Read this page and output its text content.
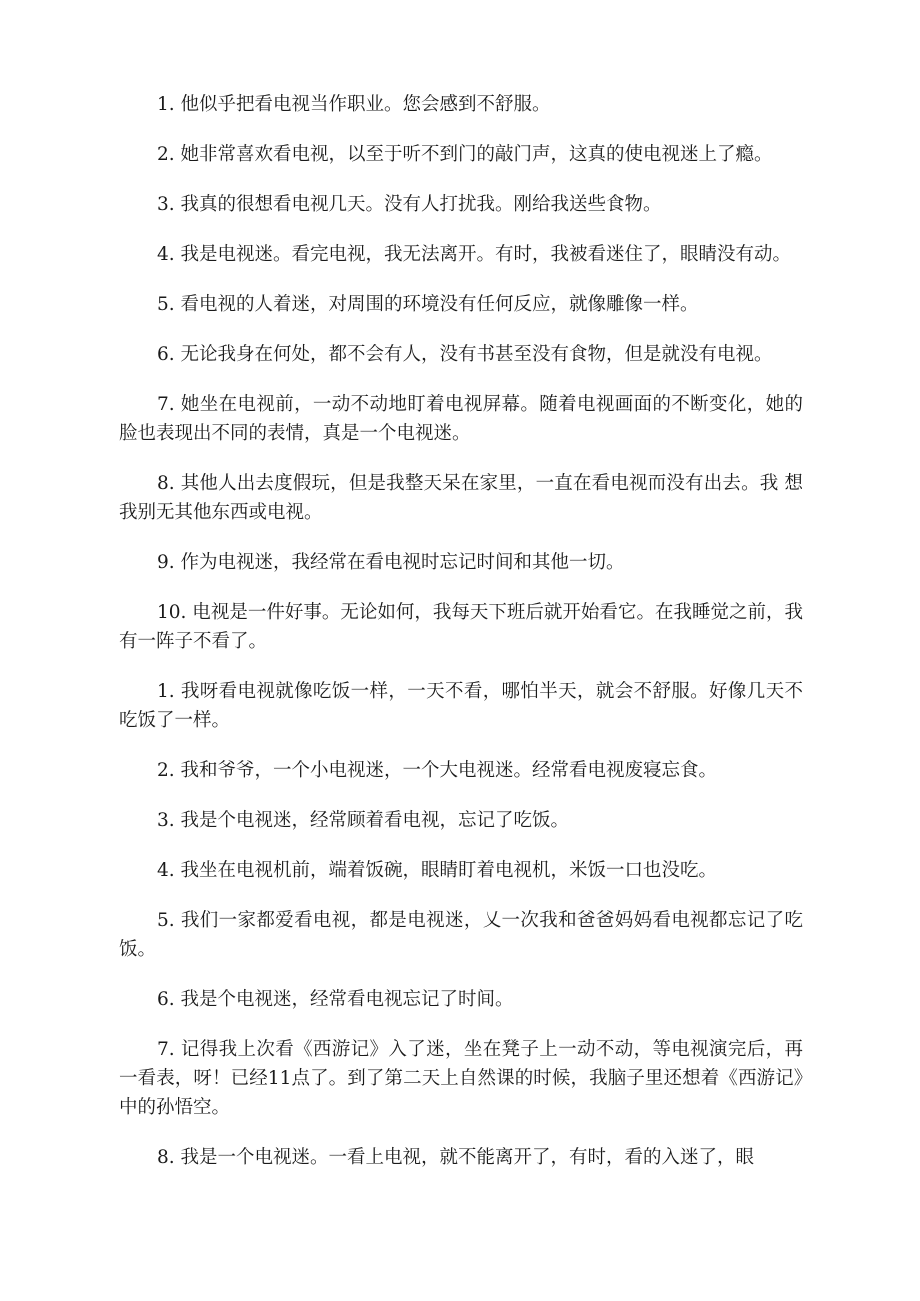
1. 他似乎把看电视当作职业。您会感到不舒服。

2. 她非常喜欢看电视，以至于听不到门的敲门声，这真的使电视迷上了瘾。

3. 我真的很想看电视几天。没有人打扰我。刚给我送些食物。

4. 我是电视迷。看完电视，我无法离开。有时，我被看迷住了，眼睛没有动。

5. 看电视的人着迷，对周围的环境没有任何反应，就像雕像一样。

6. 无论我身在何处，都不会有人，没有书甚至没有食物，但是就没有电视。

7. 她坐在电视前，一动不动地盯着电视屏幕。随着电视画面的不断变化，她的脸也表现出不同的表情，真是一个电视迷。

8. 其他人出去度假玩，但是我整天呆在家里，一直在看电视而没有出去。我 想我别无其他东西或电视。

9. 作为电视迷，我经常在看电视时忘记时间和其他一切。

10. 电视是一件好事。无论如何，我每天下班后就开始看它。在我睡觉之前，我有一阵子不看了。

1. 我呀看电视就像吃饭一样，一天不看，哪怕半天，就会不舒服。好像几天不吃饭了一样。

2. 我和爷爷，一个小电视迷，一个大电视迷。经常看电视废寝忘食。

3. 我是个电视迷，经常顾着看电视，忘记了吃饭。

4. 我坐在电视机前，端着饭碗，眼睛盯着电视机，米饭一口也没吃。

5. 我们一家都爱看电视，都是电视迷，乂一次我和爸爸妈妈看电视都忘记了吃饭。

6. 我是个电视迷，经常看电视忘记了时间。

7. 记得我上次看《西游记》入了迷，坐在凳子上一动不动，等电视演完后，再一看表，呀！已经11点了。到了第二天上自然课的时候，我脑子里还想着《西游记》中的孙悟空。

8. 我是一个电视迷。一看上电视，就不能离开了，有时，看的入迷了，眼
